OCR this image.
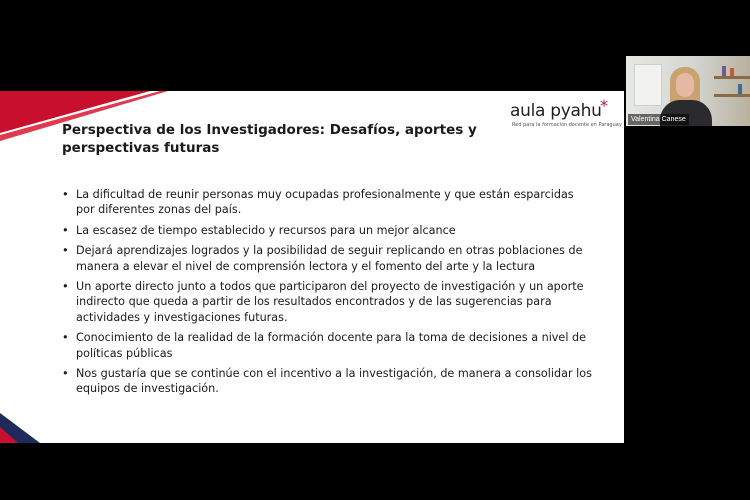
aula pyahu
*
Red para la formación docente en Paraguay
Perspectiva de los Investigadores: Desafíos, aportes y perspectivas futuras
• La dificultad de reunir personas muy ocupadas profesionalmente y que están esparcidas por diferentes zonas del país.
• La escasez de tiempo establecido y recursos para un mejor alcance
• Dejará aprendizajes logrados y la posibilidad de seguir replicando en otras poblaciones de manera a elevar el nivel de comprensión lectora y el fomento del arte y la lectura
• Un aporte directo junto a todos que participaron del proyecto de investigación y un aporte indirecto que queda a partir de los resultados encontrados y de las sugerencias para actividades y investigaciones futuras.
• Conocimiento de la realidad de la formación docente para la toma de decisiones a nivel de políticas públicas
• Nos gustaría que se continúe con el incentivo a la investigación, de manera a consolidar los equipos de investigación.
Valentina Canese
